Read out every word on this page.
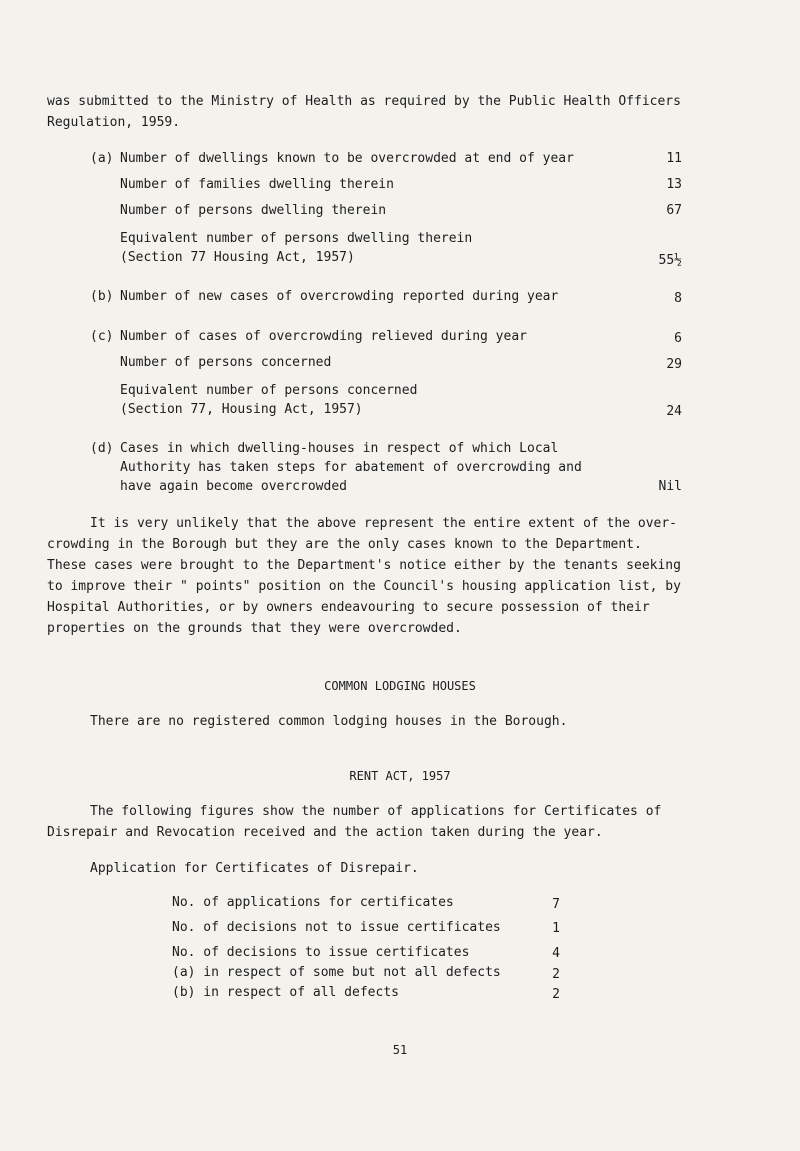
was submitted to the Ministry of Health as required by the Public Health Officers
Regulation, 1959.
(a) Number of dwellings known to be overcrowded at end of year	11
Number of families dwelling therein	13
Number of persons dwelling therein	67
Equivalent number of persons dwelling therein
(Section 77 Housing Act, 1957)	55½
(b) Number of new cases of overcrowding reported during year	8
(c) Number of cases of overcrowding relieved during year	6
Number of persons concerned	29
Equivalent number of persons concerned
(Section 77, Housing Act, 1957)	24
(d) Cases in which dwelling-houses in respect of which Local
Authority has taken steps for abatement of overcrowding and
have again become overcrowded	Nil
It is very unlikely that the above represent the entire extent of the over-
crowding in the Borough but they are the only cases known to the Department.
These cases were brought to the Department's notice either by the tenants seeking
to improve their " points" position on the Council's housing application list, by
Hospital Authorities, or by owners endeavouring to secure possession of their
properties on the grounds that they were overcrowded.
COMMON LODGING HOUSES
There are no registered common lodging houses in the Borough.
RENT ACT, 1957
The following figures show the number of applications for Certificates of
Disrepair and Revocation received and the action taken during the year.
Application for Certificates of Disrepair.
No. of applications for certificates	7
No. of decisions not to issue certificates	1
No. of decisions to issue certificates	4
(a) in respect of some but not all defects	2
(b) in respect of all defects	2
51
